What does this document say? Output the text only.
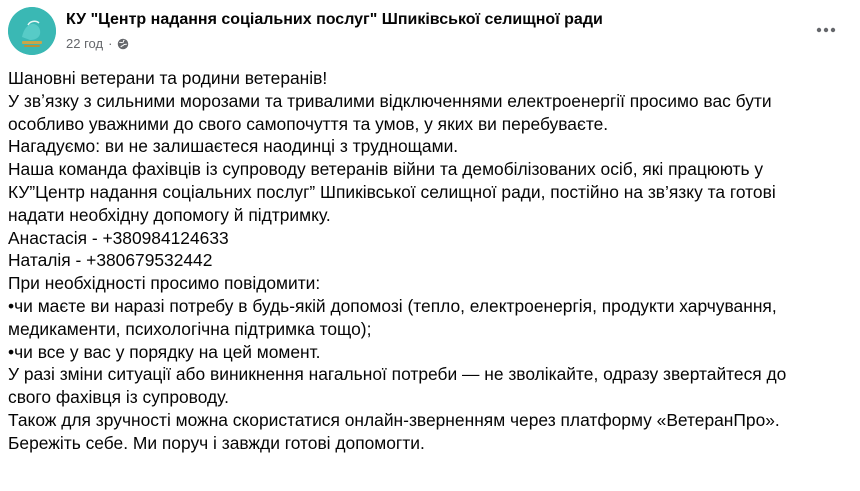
КУ "Центр надання соціальних послуг" Шпиківської селищної ради
22 год ·
Шановні ветерани та родини ветеранів!
У звʼязку з сильними морозами та тривалими відключеннями електроенергії просимо вас бути
особливо уважними до свого самопочуття та умов, у яких ви перебуваєте.
Нагадуємо: ви не залишаєтеся наодинці з труднощами.
Наша команда фахівців із супроводу ветеранів війни та демобілізованих осіб, які працюють у
КУ”Центр надання соціальних послуг” Шпиківської селищної ради, постійно на зв’язку та готові
надати необхідну допомогу й підтримку.
Анастасія - +380984124633
Наталія - +380679532442
При необхідності просимо повідомити:
•чи маєте ви наразі потребу в будь-якій допомозі (тепло, електроенергія, продукти харчування,
медикаменти, психологічна підтримка тощо);
•чи все у вас у порядку на цей момент.
У разі зміни ситуації або виникнення нагальної потреби — не зволікайте, одразу звертайтеся до
свого фахівця із супроводу.
Також для зручності можна скористатися онлайн-зверненням через платформу «ВетеранПро».
Бережіть себе. Ми поруч і завжди готові допомогти.
